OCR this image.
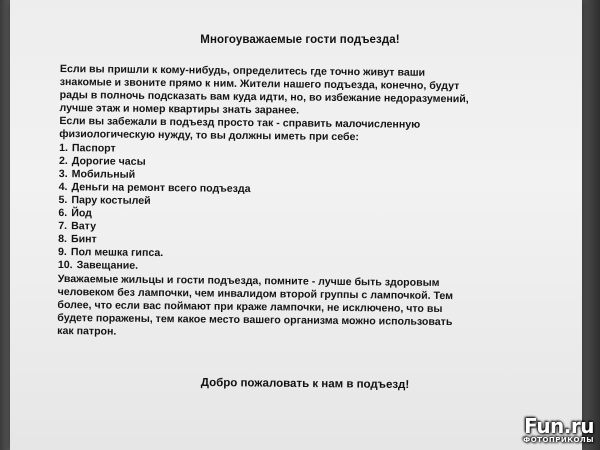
Многоуважаемые гости подъезда!
Если вы пришли к кому-нибудь, определитесь где точно живут ваши
знакомые и звоните прямо к ним. Жители нашего подъезда, конечно, будут
рады в полночь подсказать вам куда идти, но, во избежание недоразумений,
лучше этаж и номер квартиры знать заранее.
Если вы забежали в подъезд просто так - справить малочисленную
физиологическую нужду, то вы должны иметь при себе:
1. Паспорт
2. Дорогие часы
3. Мобильный
4. Деньги на ремонт всего подъезда
5. Пару костылей
6. Йод
7. Вату
8. Бинт
9. Пол мешка гипса.
10. Завещание.
Уважаемые жильцы и гости подъезда, помните - лучше быть здоровым
человеком без лампочки, чем инвалидом второй группы с лампочкой. Тем
более, что если вас поймают при краже лампочки, не исключено, что вы
будете поражены, тем какое место вашего организма можно использовать
как патрон.
Добро пожаловать к нам в подъезд!
Fun.ru
ФОТОПРИКОЛЫ
